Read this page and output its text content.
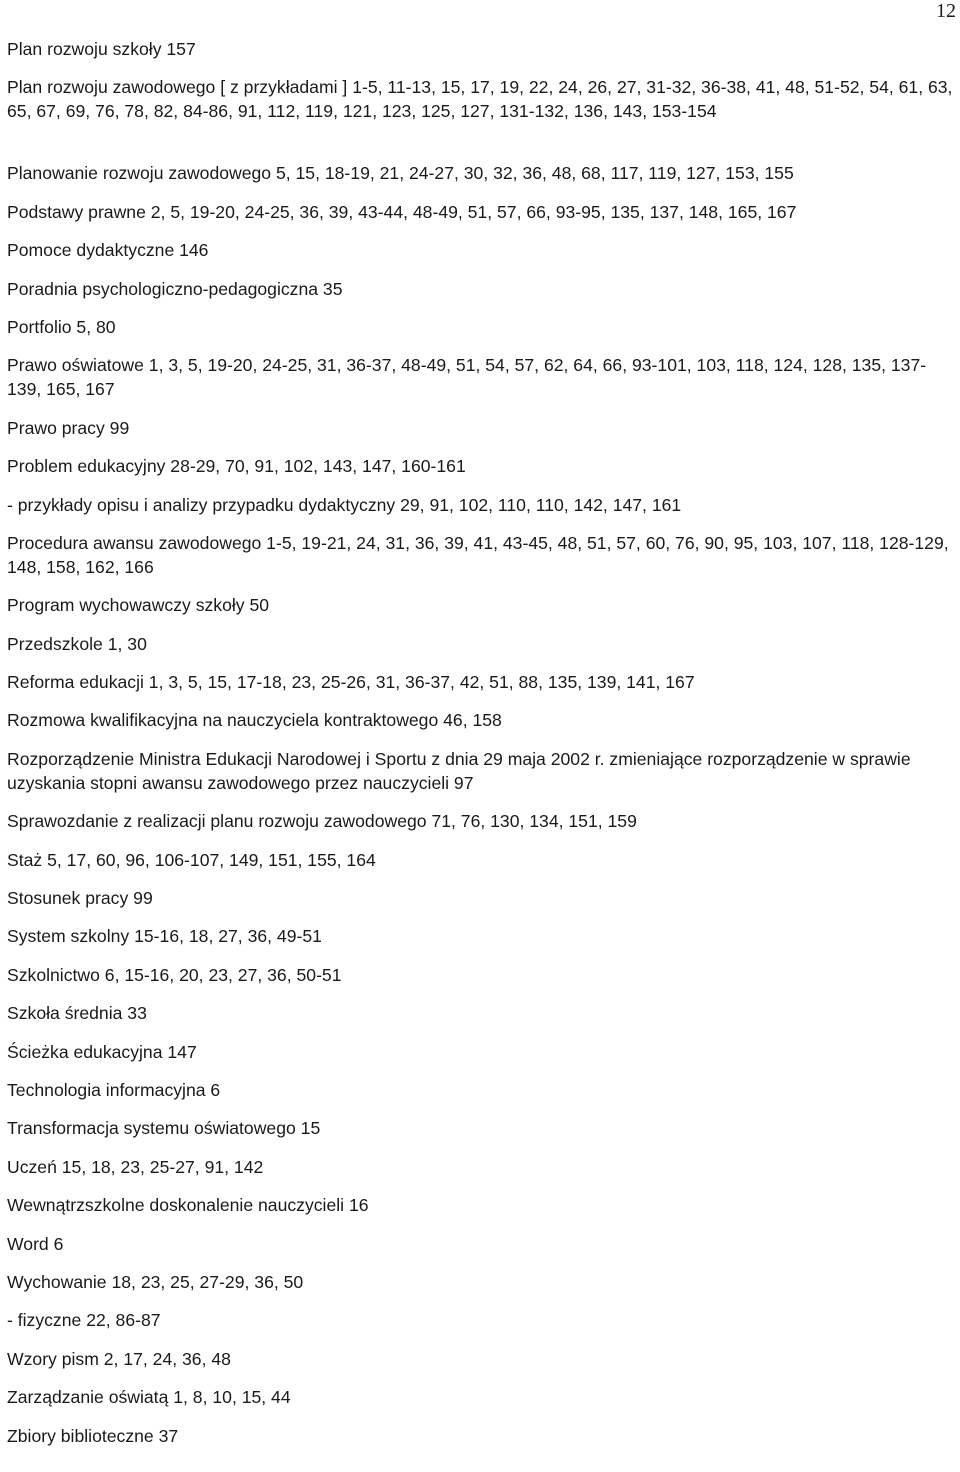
12

Plan rozwoju szkoły 157

Plan rozwoju zawodowego [ z przykładami ] 1-5, 11-13, 15, 17, 19, 22, 24, 26, 27, 31-32, 36-38, 41, 48, 51-52, 54, 61, 63, 65, 67, 69, 76, 78, 82, 84-86, 91, 112, 119, 121, 123, 125, 127, 131-132, 136, 143, 153-154

Planowanie rozwoju zawodowego 5, 15, 18-19, 21, 24-27, 30, 32, 36, 48, 68, 117, 119, 127, 153, 155

Podstawy prawne 2, 5, 19-20, 24-25, 36, 39, 43-44, 48-49, 51, 57, 66, 93-95, 135, 137, 148, 165, 167

Pomoce dydaktyczne 146

Poradnia psychologiczno-pedagogiczna 35

Portfolio 5, 80

Prawo oświatowe 1, 3, 5, 19-20, 24-25, 31, 36-37, 48-49, 51, 54, 57, 62, 64, 66, 93-101, 103, 118, 124, 128, 135, 137-139, 165, 167

Prawo pracy 99

Problem edukacyjny 28-29, 70, 91, 102, 143, 147, 160-161

- przykłady opisu i analizy przypadku dydaktyczny 29, 91, 102, 110, 110, 142, 147, 161

Procedura awansu zawodowego 1-5, 19-21, 24, 31, 36, 39, 41, 43-45, 48, 51, 57, 60, 76, 90, 95, 103, 107, 118, 128-129, 148, 158, 162, 166

Program wychowawczy szkoły 50

Przedszkole 1, 30

Reforma edukacji 1, 3, 5, 15, 17-18, 23, 25-26, 31, 36-37, 42, 51, 88, 135, 139, 141, 167

Rozmowa kwalifikacyjna na nauczyciela kontraktowego 46, 158

Rozporządzenie Ministra Edukacji Narodowej i Sportu z dnia 29 maja 2002 r. zmieniające rozporządzenie w sprawie uzyskania stopni awansu zawodowego przez nauczycieli 97

Sprawozdanie z realizacji planu rozwoju zawodowego 71, 76, 130, 134, 151, 159

Staż 5, 17, 60, 96, 106-107, 149, 151, 155, 164

Stosunek pracy 99

System szkolny 15-16, 18, 27, 36, 49-51

Szkolnictwo 6, 15-16, 20, 23, 27, 36, 50-51

Szkoła średnia 33

Ścieżka edukacyjna 147

Technologia informacyjna 6

Transformacja systemu oświatowego 15

Uczeń 15, 18, 23, 25-27, 91, 142

Wewnątrzszkolne doskonalenie nauczycieli 16

Word 6

Wychowanie 18, 23, 25, 27-29, 36, 50

- fizyczne 22, 86-87

Wzory pism 2, 17, 24, 36, 48

Zarządzanie oświatą 1, 8, 10, 15, 44

Zbiory biblioteczne 37
